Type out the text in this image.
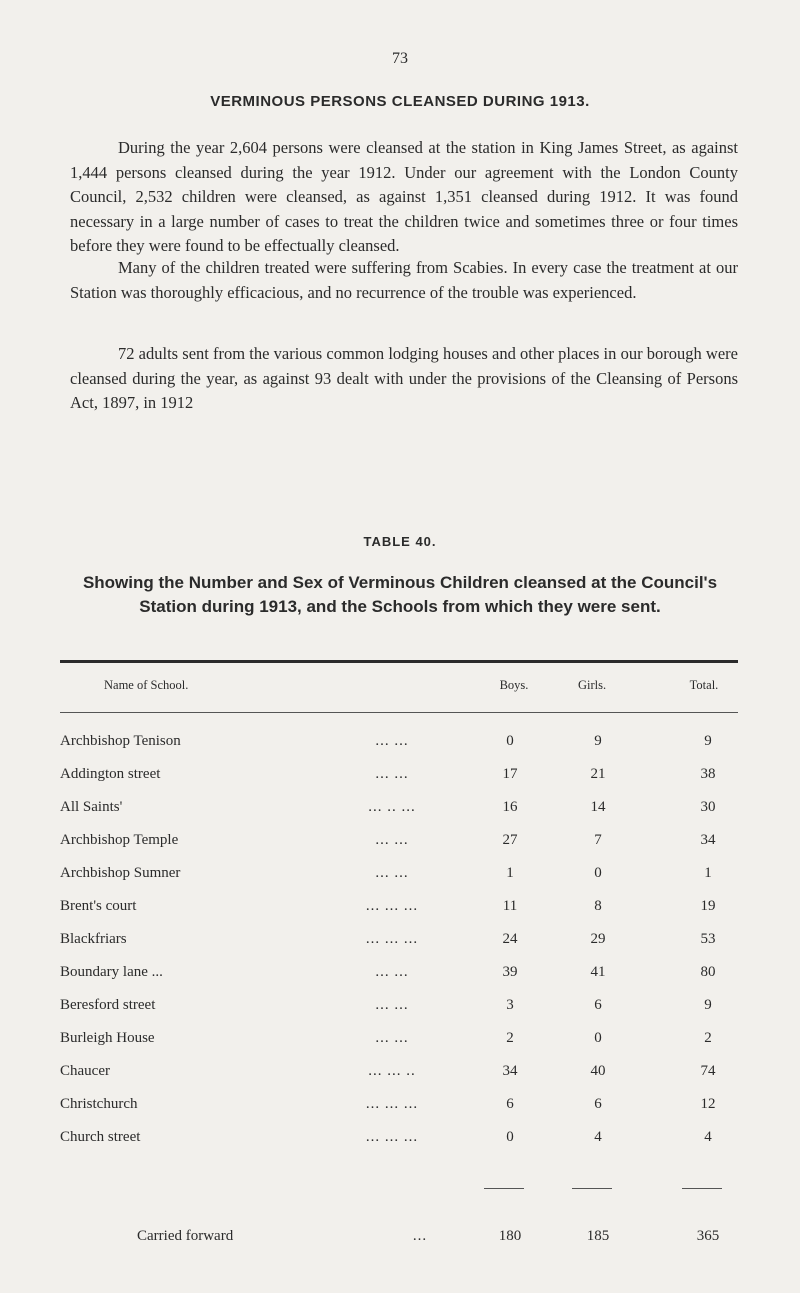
73
VERMINOUS PERSONS CLEANSED DURING 1913.

During the year 2,604 persons were cleansed at the station in King James Street, as against 1,444 persons cleansed during the year 1912. Under our agreement with the London County Council, 2,532 children were cleansed, as against 1,351 cleansed during 1912. It was found necessary in a large number of cases to treat the children twice and sometimes three or four times before they were found to be effectually cleansed.

Many of the children treated were suffering from Scabies. In every case the treatment at our Station was thoroughly efficacious, and no recurrence of the trouble was experienced.

72 adults sent from the various common lodging houses and other places in our borough were cleansed during the year, as against 93 dealt with under the provisions of the Cleansing of Persons Act, 1897, in 1912

TABLE 40.

Showing the Number and Sex of Verminous Children cleansed at the Council's Station during 1913, and the Schools from which they were sent.

Name of School.	Boys.	Girls.	Total.
Archbishop Tenison	... ...	0	9	9
Addington street	... ...	17	21	38
All Saints'	... .. ...	16	14	30
Archbishop Temple	... ...	27	7	34
Archbishop Sumner	... ...	1	0	1
Brent's court	... ... ...	11	8	19
Blackfriars	... ... ...	24	29	53
Boundary lane ...	... ...	39	41	80
Beresford street	... ...	3	6	9
Burleigh House	... ...	2	0	2
Chaucer	... ... ..	34	40	74
Christchurch	... ... ...	6	6	12
Church street	... ... ...	0	4	4
Carried forward	...	180	185	365
